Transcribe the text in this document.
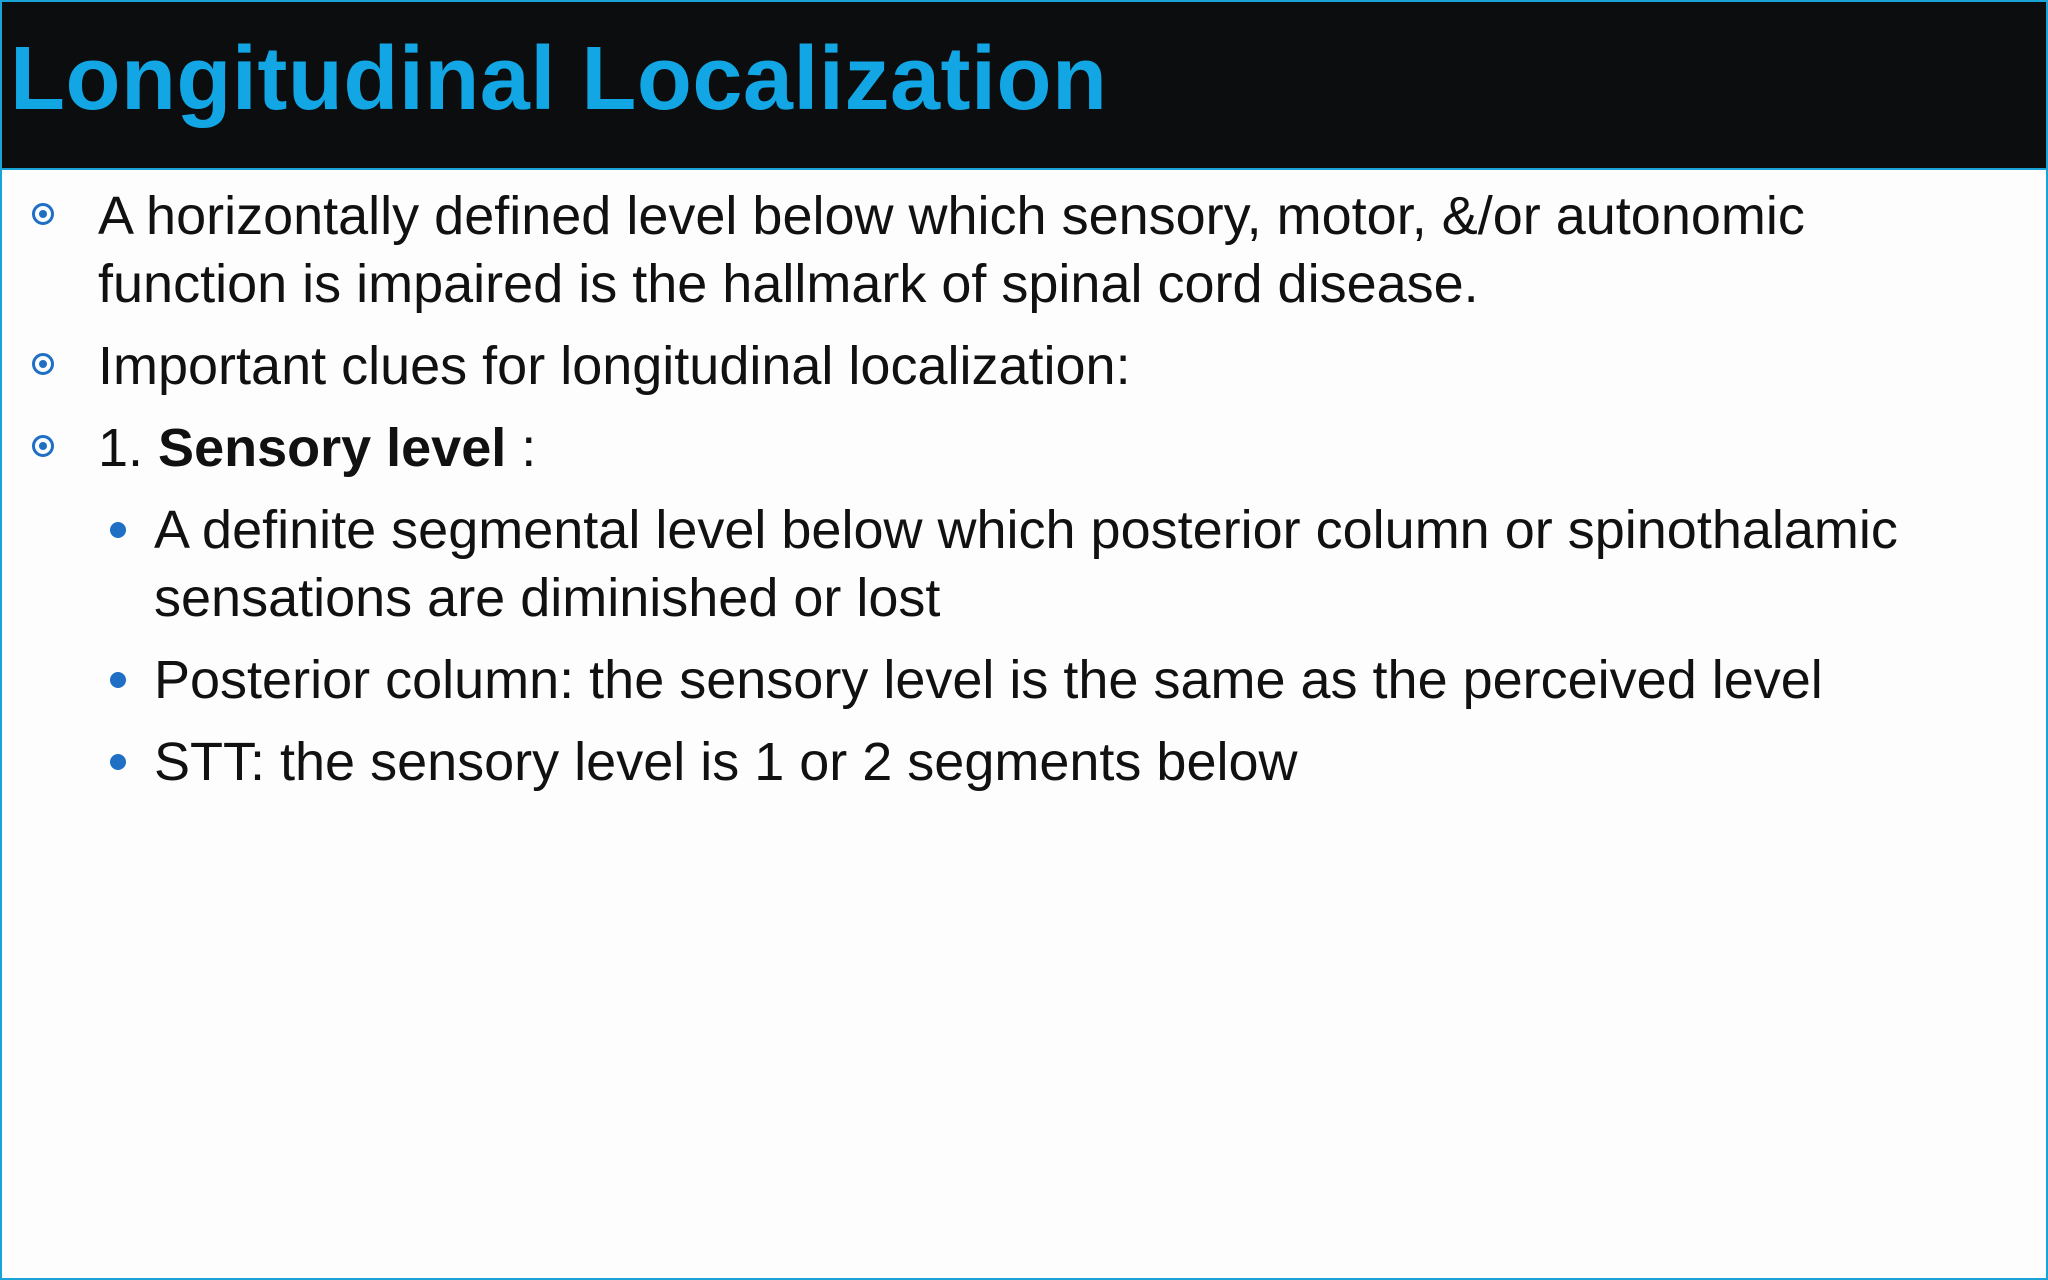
Longitudinal Localization
A horizontally defined level below which sensory, motor, &/or autonomic function is impaired is the hallmark of spinal cord disease.
Important clues for longitudinal localization:
1. Sensory level :
A definite segmental level below which posterior column or spinothalamic sensations are diminished or lost
Posterior column: the sensory level is the same as the perceived level
STT: the sensory level is 1 or 2 segments below
